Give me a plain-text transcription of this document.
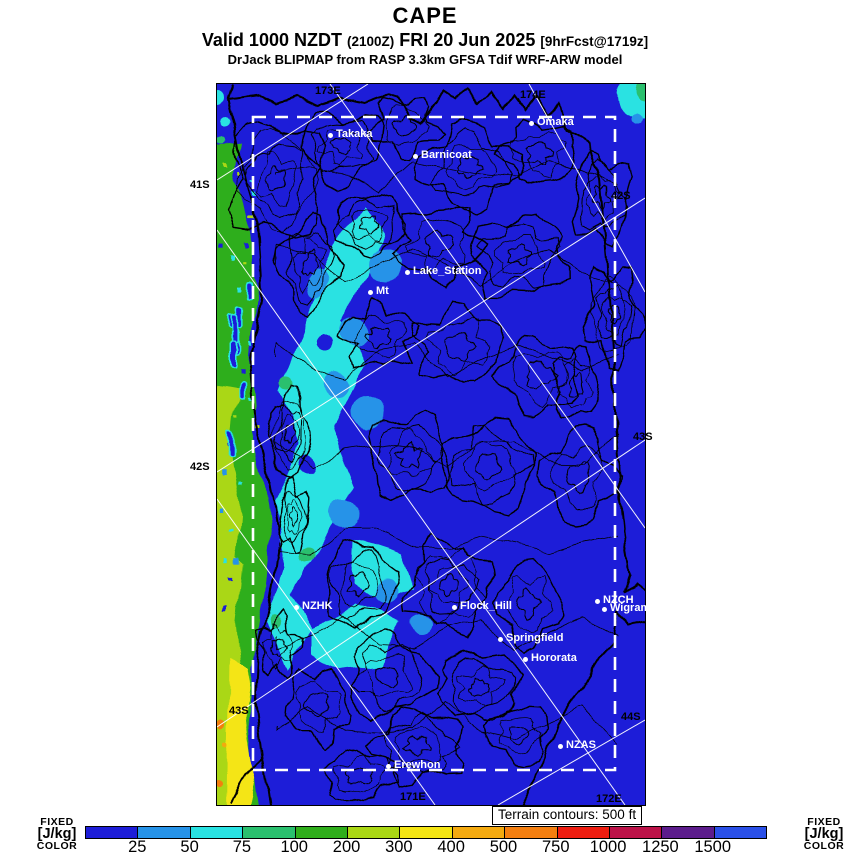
CAPE
Valid 1000 NZDT (2100Z) FRI 20 Jun 2025 [9hrFcst@1719z]
DrJack BLIPMAP from RASP 3.3km GFSA Tdif WRF-ARW model
Takaka
Barnicoat
Omaka
Lake_Station
Mt
NZHK	Flock_Hill	NZCH
Wigram
Springfield
Hororata
NZAS
Erewhon
173E	174E
41S
42S
42S
43S
43S
44S
171E	172E
Terrain contours: 500 ft
FIXED
[J/kg]
COLOR	25 50 75 100 200 300 400 500 750 1000 1250 1500
FIXED
[J/kg]
COLOR
